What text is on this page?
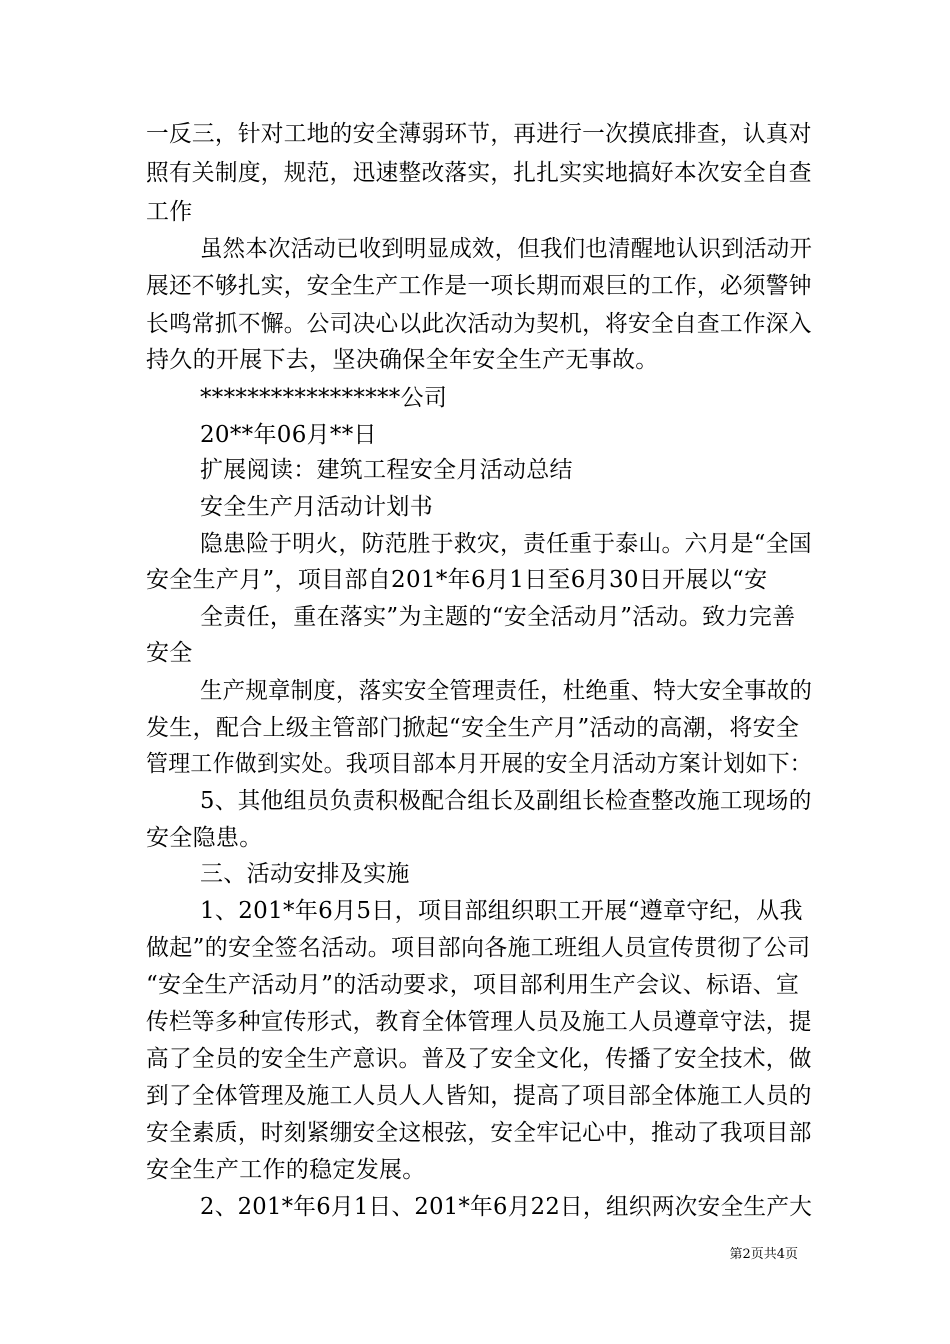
一反三，针对工地的安全薄弱环节，再进行一次摸底排查，认真对
照有关制度，规范，迅速整改落实，扎扎实实地搞好本次安全自查
工作
虽然本次活动已收到明显成效，但我们也清醒地认识到活动开
展还不够扎实，安全生产工作是一项长期而艰巨的工作，必须警钟
长鸣常抓不懈。公司决心以此次活动为契机，将安全自查工作深入
持久的开展下去，坚决确保全年安全生产无事故。
*****************公司
20**年06月**日
扩展阅读：建筑工程安全月活动总结
安全生产月活动计划书
隐患险于明火，防范胜于救灾，责任重于泰山。六月是“全国
安全生产月”，项目部自201*年6月1日至6月30日开展以“安
全责任，重在落实”为主题的“安全活动月”活动。致力完善
安全
生产规章制度，落实安全管理责任，杜绝重、特大安全事故的
发生，配合上级主管部门掀起“安全生产月”活动的高潮，将安全
管理工作做到实处。我项目部本月开展的安全月活动方案计划如下：
5、其他组员负责积极配合组长及副组长检查整改施工现场的
安全隐患。
三、活动安排及实施
1、201*年6月5日，项目部组织职工开展“遵章守纪，从我
做起”的安全签名活动。项目部向各施工班组人员宣传贯彻了公司
“安全生产活动月”的活动要求，项目部利用生产会议、标语、宣
传栏等多种宣传形式，教育全体管理人员及施工人员遵章守法，提
高了全员的安全生产意识。普及了安全文化，传播了安全技术，做
到了全体管理及施工人员人人皆知，提高了项目部全体施工人员的
安全素质，时刻紧绷安全这根弦，安全牢记心中，推动了我项目部
安全生产工作的稳定发展。
2、201*年6月1日、201*年6月22日，组织两次安全生产大
第2页共4页
